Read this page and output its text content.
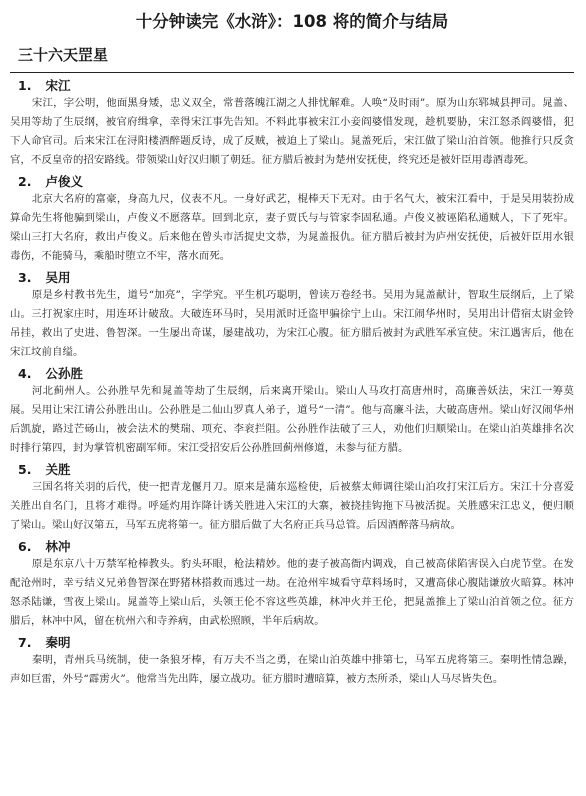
十分钟读完《水浒》：108 将的简介与结局
三十六天罡星
1. 宋江

宋江，字公明，他面黑身矮，忠义双全，常普落魄江湖之人排忧解难。人唤“及时雨”。原为山东郓城县押司。晁盖、吴用等劫了生辰纲，被官府缉拿，幸得宋江事先告知。不料此事被宋江小妾阎婆惜发现，趁机要胁，宋江怒杀阎婆惜，犯下人命官司。后来宋江在浔阳楼酒醉题反诗，成了反贼，被迫上了梁山。晁盖死后，宋江做了梁山泊首领。他推行只反贪官，不反皇帝的招安路线。带领梁山好汉归顺了朝廷。征方腊后被封为楚州安抚使，终究还是被奸臣用毒酒毒死。

2. 卢俊义

北京大名府的富豪，身高九尺，仪表不凡。一身好武艺，棍棒天下无对。由于名气大，被宋江看中，于是吴用装扮成算命先生将他骗到梁山，卢俊义不愿落草。回到北京，妻子贾氏与与管家李固私通。卢俊义被诬陷私通贼人，下了死牢。梁山三打大名府，救出卢俊义。后来他在曾头市活捉史文恭，为晁盖报仇。征方腊后被封为庐州安抚使，后被奸臣用水银毒伤，不能骑马，乘船时堕立不牢，落水而死。

3. 吴用

原是乡村教书先生，道号“加亮”，字学究。平生机巧聪明，曾读万卷经书。吴用为晁盖献计，智取生辰纲后，上了梁山。三打祝家庄时，用连环计破敌。大破连环马时，吴用派时迁盗甲骗徐宁上山。宋江闹华州时，吴用出计借宿太尉金铃吊挂，救出了史进、鲁智深。一生屡出奇谋，屡建战功，为宋江心腹。征方腊后被封为武胜军承宣使。宋江遇害后，他在宋江坟前自缢。

4. 公孙胜

河北蓟州人。公孙胜早先和晁盖等劫了生辰纲，后来离开梁山。梁山人马攻打高唐州时，高廉善妖法，宋江一筹莫展。吴用让宋江请公孙胜出山。公孙胜是二仙山罗真人弟子，道号“一清”。他与高廉斗法，大破高唐州。梁山好汉闹华州后凯旋，路过芒砀山，被会法术的樊瑞、项充、李衮拦阻。公孙胜作法破了三人，劝他们归顺梁山。在梁山泊英雄排名次时排行第四，封为掌管机密副军师。宋江受招安后公孙胜回蓟州修道，未参与征方腊。

5. 关胜

三国名将关羽的后代，使一把青龙偃月刀。原来是蒲东巡检使，后被蔡太师调往梁山泊攻打宋江后方。宋江十分喜爱关胜出自名门，且将才难得。呼延灼用诈降计诱关胜进入宋江的大寨，被挠挂钩拖下马被活捉。关胜感宋江忠义，便归顺了梁山。梁山好汉第五，马军五虎将第一。征方腊后做了大名府正兵马总管。后因酒醉落马病故。

6. 林冲

原是东京八十万禁军枪棒教头。豹头环眼，枪法精妙。他的妻子被高衙内调戏，自己被高俅陷害误入白虎节堂。在发配沧州时，幸亏结义兄弟鲁智深在野猪林搭救而逃过一劫。在沧州牢城看守草料场时，又遭高俅心腹陆谦放火暗算。林冲怒杀陆谦，雪夜上梁山。晁盖等上梁山后，头领王伦不容这些英雄，林冲火并王伦，把晁盖推上了梁山泊首领之位。征方腊后，林冲中风，留在杭州六和寺养病，由武松照顾，半年后病故。

7. 秦明

秦明，青州兵马统制，使一条狼牙棒，有万夫不当之勇，在梁山泊英雄中排第七，马军五虎将第三。秦明性情急躁，声如巨雷，外号“霹雳火”。他常当先出阵，屡立战功。征方腊时遭暗算，被方杰所杀，梁山人马尽皆失色。
